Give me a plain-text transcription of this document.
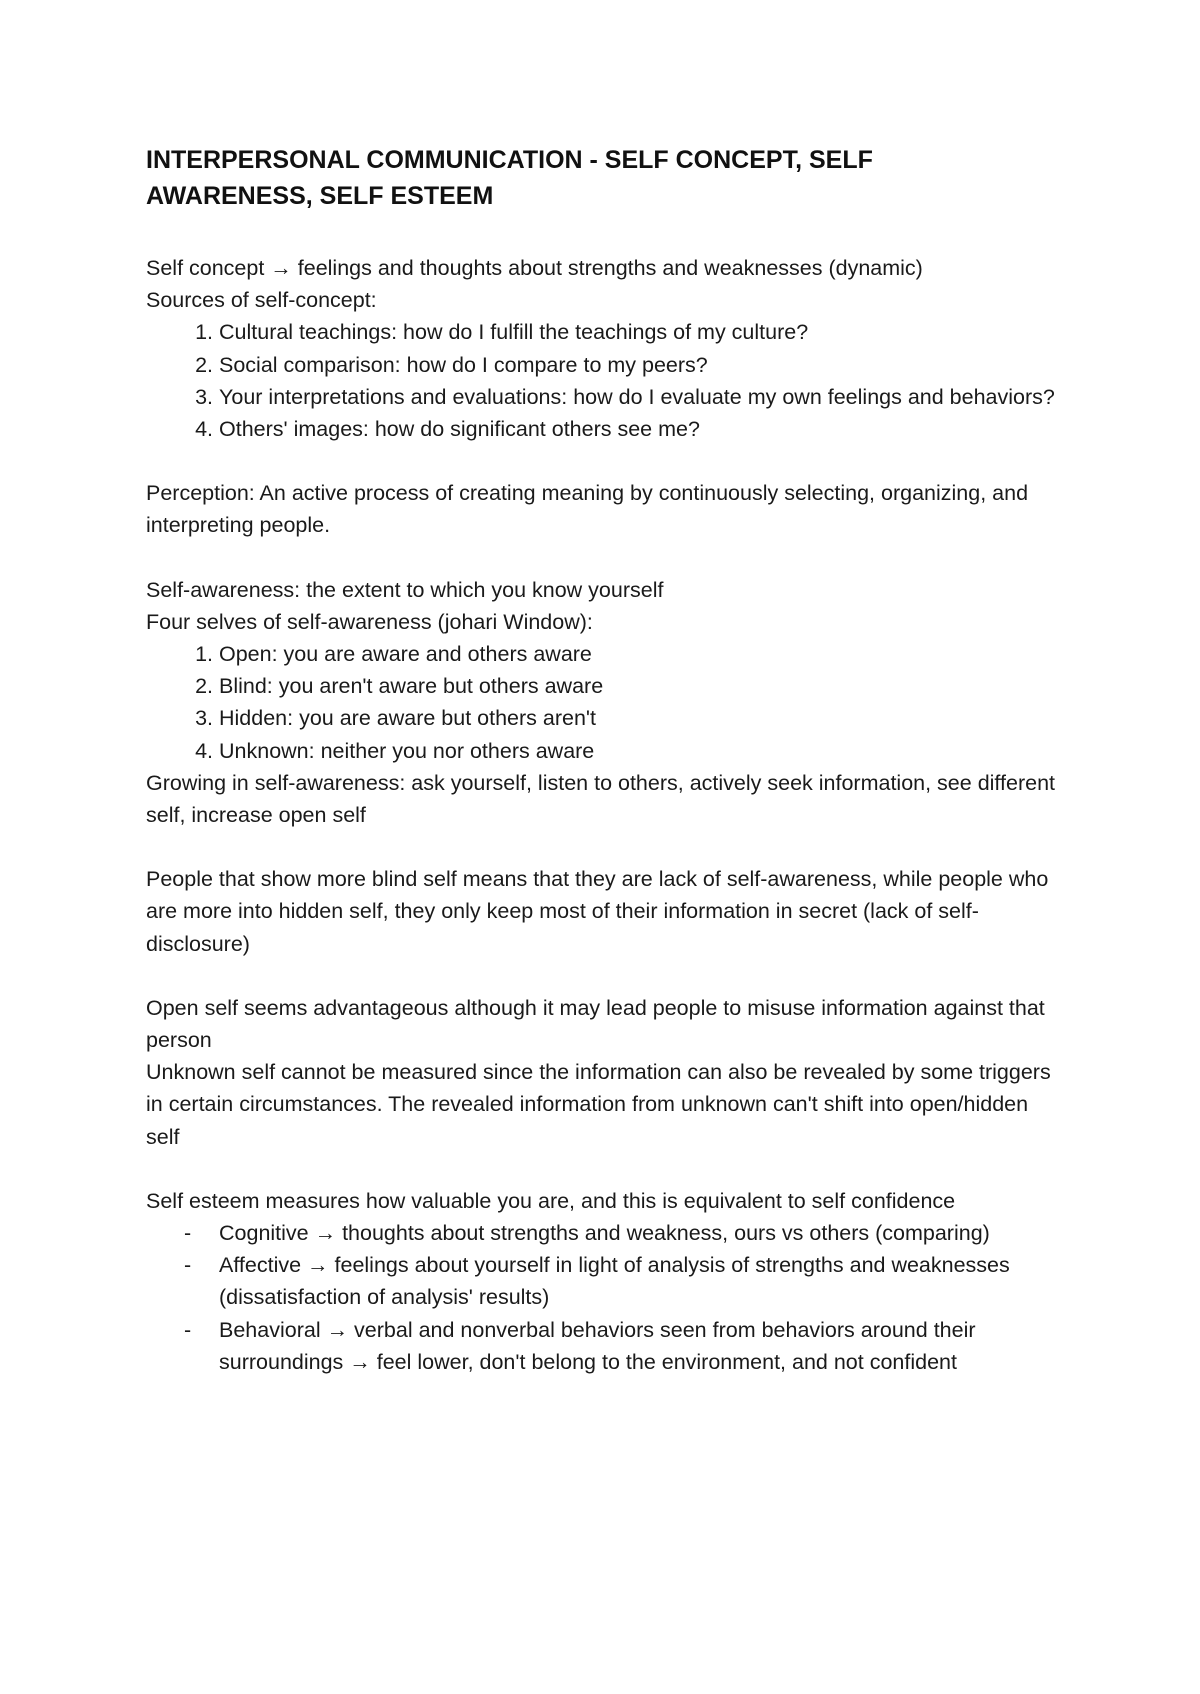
INTERPERSONAL COMMUNICATION - SELF CONCEPT, SELF AWARENESS, SELF ESTEEM

Self concept → feelings and thoughts about strengths and weaknesses (dynamic)

Sources of self-concept:

1. Cultural teachings: how do I fulfill the teachings of my culture?
2. Social comparison: how do I compare to my peers?
3. Your interpretations and evaluations: how do I evaluate my own feelings and behaviors?
4. Others' images: how do significant others see me?

Perception: An active process of creating meaning by continuously selecting, organizing, and interpreting people.

Self-awareness: the extent to which you know yourself

Four selves of self-awareness (johari Window):

1. Open: you are aware and others aware
2. Blind: you aren't aware but others aware
3. Hidden: you are aware but others aren't
4. Unknown: neither you nor others aware

Growing in self-awareness: ask yourself, listen to others, actively seek information, see different self, increase open self

People that show more blind self means that they are lack of self-awareness, while people who are more into hidden self, they only keep most of their information in secret (lack of self-disclosure)

Open self seems advantageous although it may lead people to misuse information against that person

Unknown self cannot be measured since the information can also be revealed by some triggers in certain circumstances. The revealed information from unknown can't shift into open/hidden self

Self esteem measures how valuable you are, and this is equivalent to self confidence

-	Cognitive → thoughts about strengths and weakness, ours vs others (comparing)
-	Affective → feelings about yourself in light of analysis of strengths and weaknesses (dissatisfaction of analysis' results)
-	Behavioral → verbal and nonverbal behaviors seen from behaviors around their surroundings → feel lower, don't belong to the environment, and not confident
